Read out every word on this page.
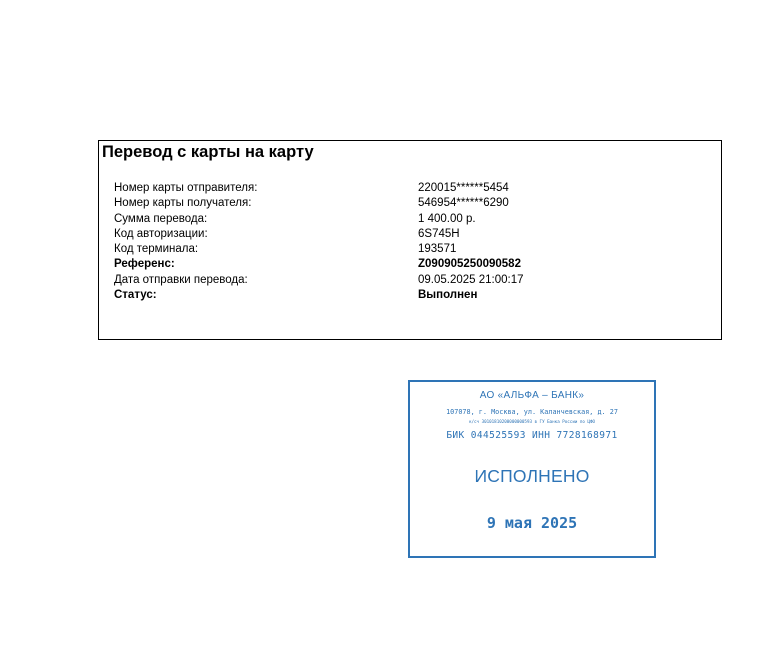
Перевод с карты на карту
Номер карты отправителя:	220015******5454
Номер карты получателя:	546954******6290
Сумма перевода:	1 400.00 р.
Код авторизации:	6S745H
Код терминала:	193571
Референс:	Z090905250090582
Дата отправки перевода:	09.05.2025 21:00:17
Статус:	Выполнен
АО «АЛЬФА – БАНК»
107078, г. Москва, ул. Каланчевская, д. 27
к/сч 30101810200000000593 в ГУ Банка России по ЦФО
БИК 044525593 ИНН 7728168971
ИСПОЛНЕНО
9 мая 2025
